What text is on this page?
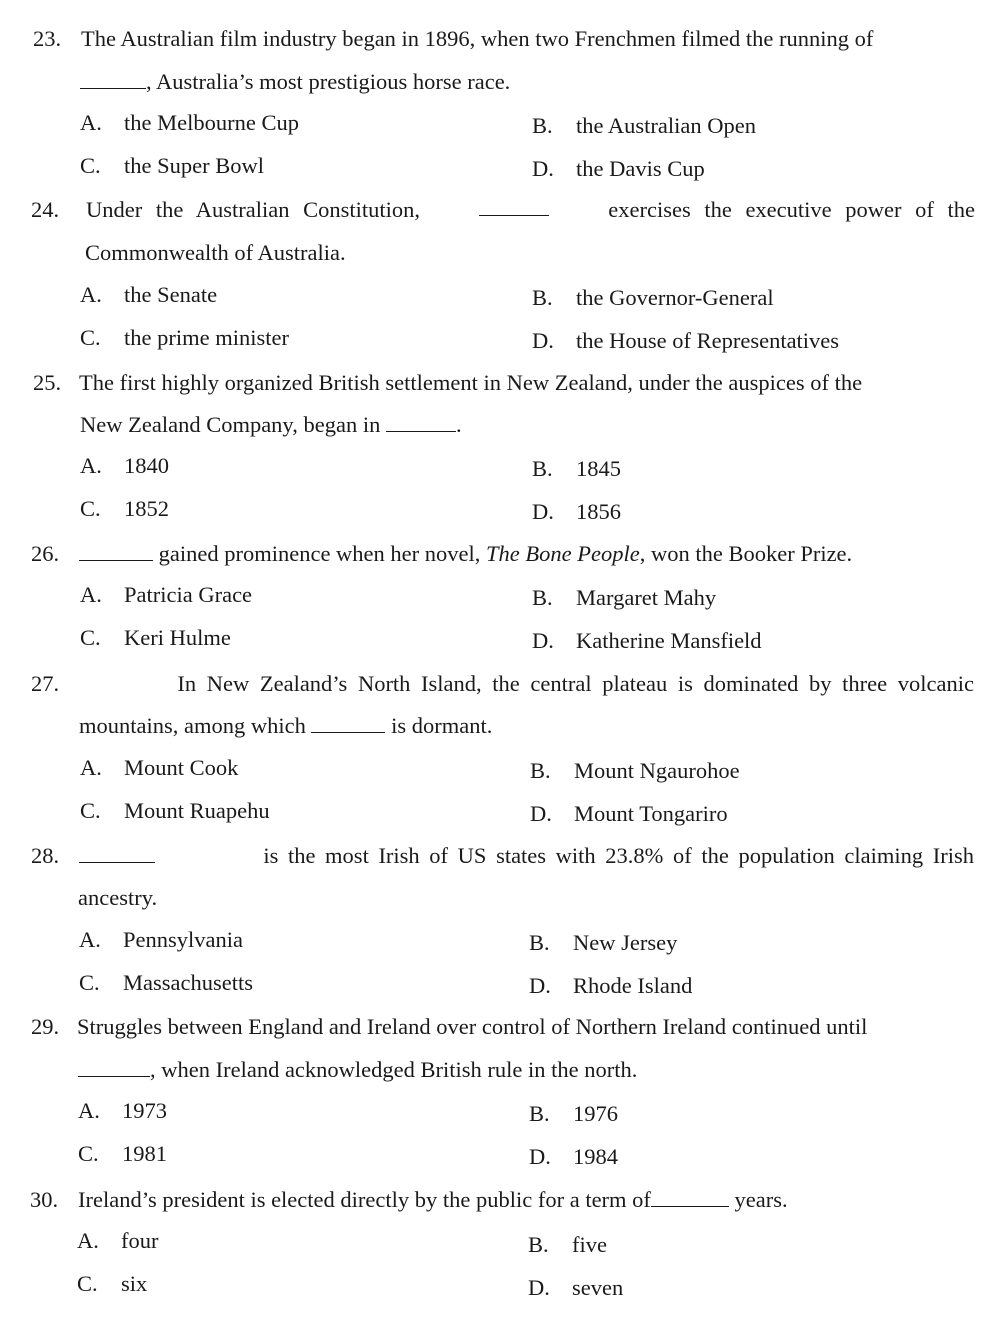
23. The Australian film industry began in 1896, when two Frenchmen filmed the running of
, Australia’s most prestigious horse race.
A. the Melbourne Cup	B. the Australian Open
C. the Super Bowl	D. the Davis Cup
24. Under the Australian Constitution,	exercises the executive power of the
Commonwealth of Australia.
A. the Senate	B. the Governor-General
C. the prime minister	D. the House of Representatives
25. The first highly organized British settlement in New Zealand, under the auspices of the
New Zealand Company, began in	.
A. 1840	B. 1845
C. 1852	D. 1856
26.	gained prominence when her novel, The Bone People, won the Booker Prize.
A. Patricia Grace	B. Margaret Mahy
C. Keri Hulme	D. Katherine Mansfield
27.	In New Zealand’s North Island, the central plateau is dominated by three volcanic
mountains, among which	is dormant.
A. Mount Cook	B. Mount Ngaurohoe
C. Mount Ruapehu	D. Mount Tongariro
28.	is the most Irish of US states with 23.8% of the population claiming Irish
ancestry.
A. Pennsylvania	B. New Jersey
C. Massachusetts	D. Rhode Island
29. Struggles between England and Ireland over control of Northern Ireland continued until
, when Ireland acknowledged British rule in the north.
A. 1973	B. 1976
C. 1981	D. 1984
30. Ireland’s president is elected directly by the public for a term of	years.
A. four	B. five
C. six	D. seven
